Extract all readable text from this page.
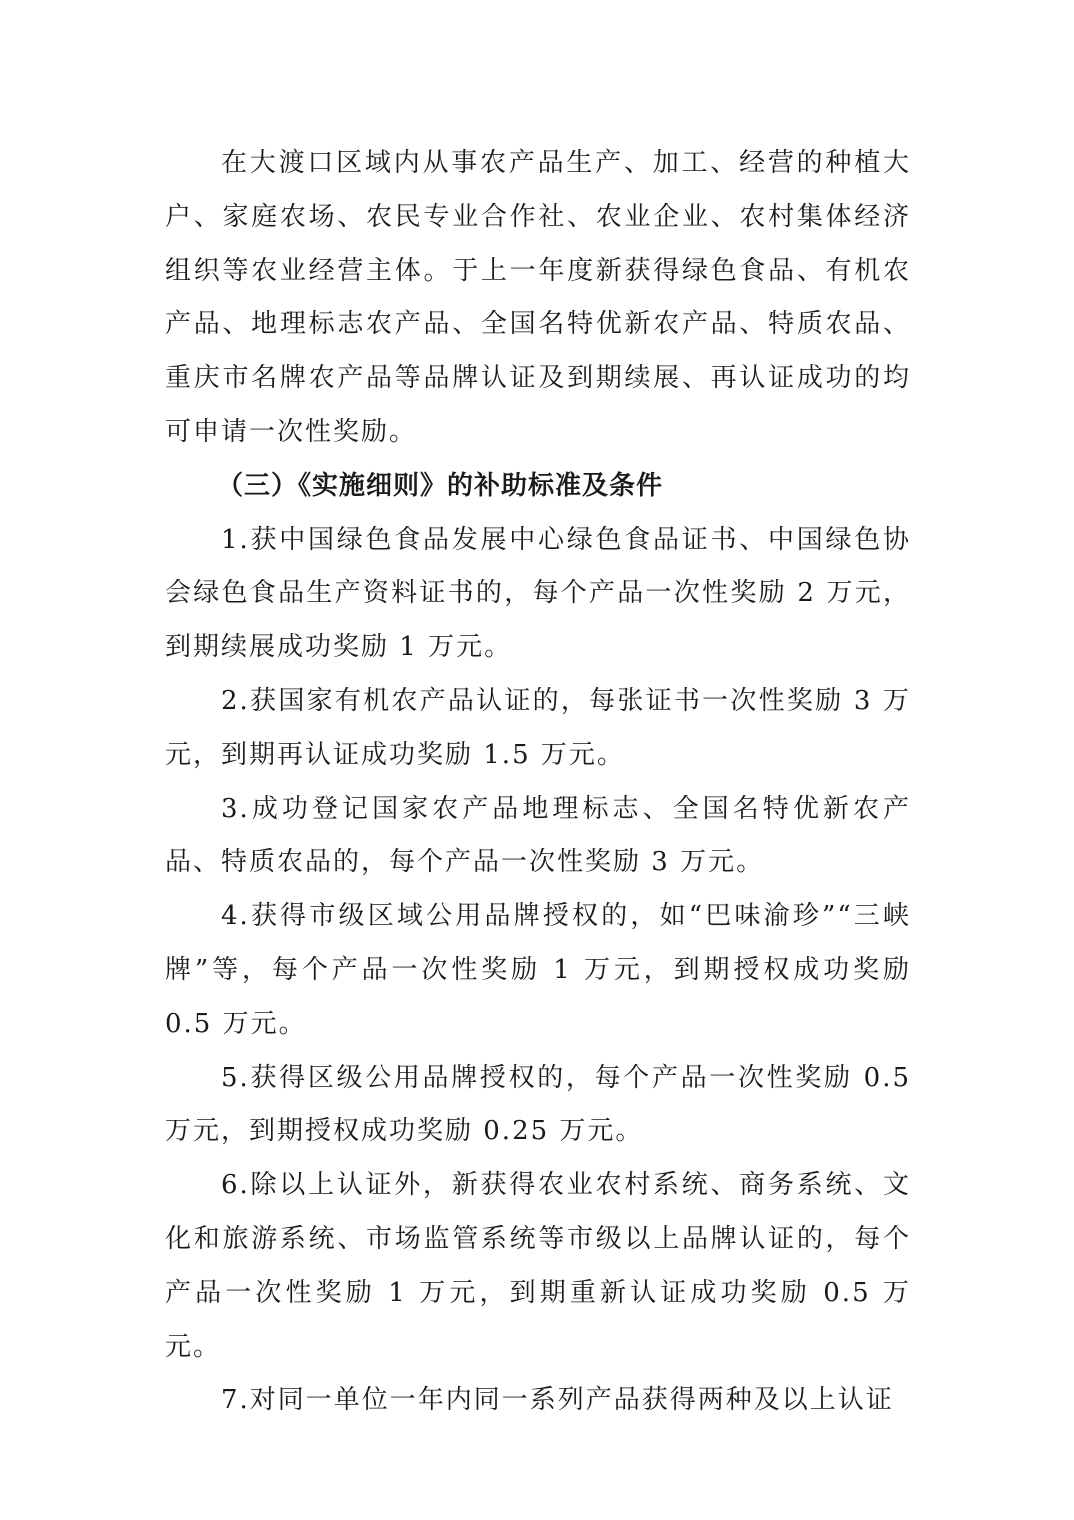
在大渡口区域内从事农产品生产、加工、经营的种植大户、家庭农场、农民专业合作社、农业企业、农村集体经济组织等农业经营主体。于上一年度新获得绿色食品、有机农产品、地理标志农产品、全国名特优新农产品、特质农品、重庆市名牌农产品等品牌认证及到期续展、再认证成功的均可申请一次性奖励。

（三）《实施细则》的补助标准及条件

1.获中国绿色食品发展中心绿色食品证书、中国绿色协会绿色食品生产资料证书的，每个产品一次性奖励 2 万元，到期续展成功奖励 1 万元。

2.获国家有机农产品认证的，每张证书一次性奖励 3 万元，到期再认证成功奖励 1.5 万元。

3.成功登记国家农产品地理标志、全国名特优新农产品、特质农品的，每个产品一次性奖励 3 万元。

4.获得市级区域公用品牌授权的，如“巴味渝珍”“三峡牌”等，每个产品一次性奖励 1 万元，到期授权成功奖励 0.5 万元。

5.获得区级公用品牌授权的，每个产品一次性奖励 0.5 万元，到期授权成功奖励 0.25 万元。

6.除以上认证外，新获得农业农村系统、商务系统、文化和旅游系统、市场监管系统等市级以上品牌认证的，每个产品一次性奖励 1 万元，到期重新认证成功奖励 0.5 万元。

7.对同一单位一年内同一系列产品获得两种及以上认证
